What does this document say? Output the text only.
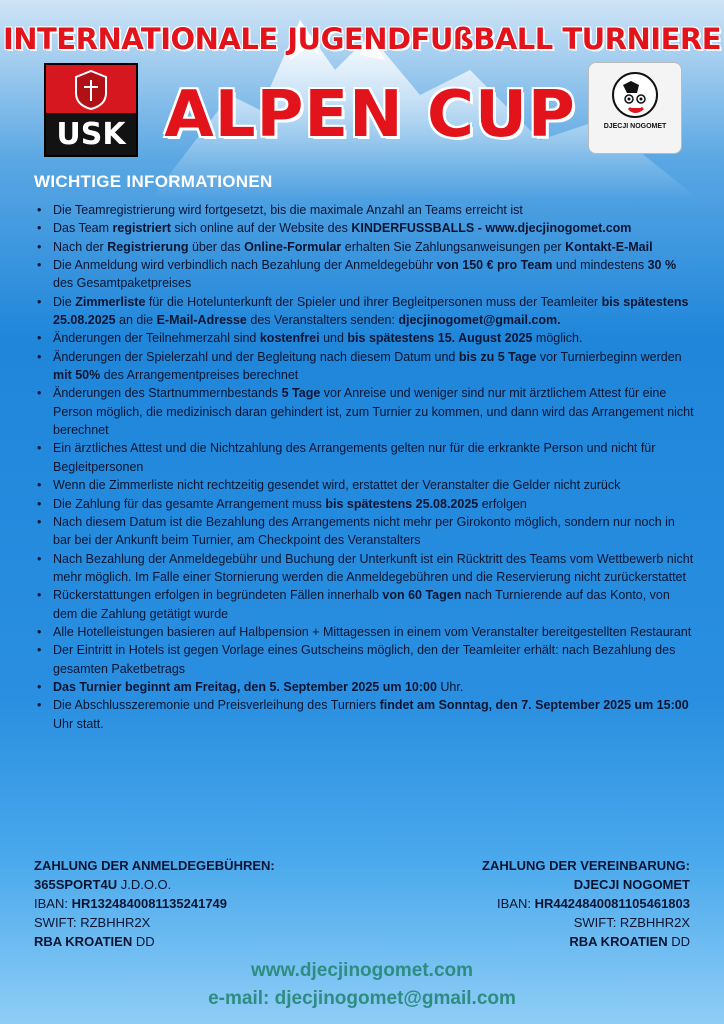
INTERNATIONALE JUGENDFUßBALL TURNIERE
USK ALPEN CUP	DJECJI NOGOMET
WICHTIGE INFORMATIONEN
• Die Teamregistrierung wird fortgesetzt, bis die maximale Anzahl an Teams erreicht ist
• Das Team registriert sich online auf der Website des KINDERFUSSBALLS - www.djecjinogomet.com
• Nach der Registrierung über das Online-Formular erhalten Sie Zahlungsanweisungen per Kontakt-E-Mail
• Die Anmeldung wird verbindlich nach Bezahlung der Anmeldegebühr von 150 € pro Team und mindestens 30 % des Gesamtpaketpreises
• Die Zimmerliste für die Hotelunterkunft der Spieler und ihrer Begleitpersonen muss der Teamleiter bis spätestens 25.08.2025 an die E-Mail-Adresse des Veranstalters senden: djecjinogomet@gmail.com.
• Änderungen der Teilnehmerzahl sind kostenfrei und bis spätestens 15. August 2025 möglich.
• Änderungen der Spielerzahl und der Begleitung nach diesem Datum und bis zu 5 Tage vor Turnierbeginn werden mit 50% des Arrangementpreises berechnet
• Änderungen des Startnummernbestands 5 Tage vor Anreise und weniger sind nur mit ärztlichem Attest für eine Person möglich, die medizinisch daran gehindert ist, zum Turnier zu kommen, und dann wird das Arrangement nicht berechnet
• Ein ärztliches Attest und die Nichtzahlung des Arrangements gelten nur für die erkrankte Person und nicht für Begleitpersonen
• Wenn die Zimmerliste nicht rechtzeitig gesendet wird, erstattet der Veranstalter die Gelder nicht zurück
• Die Zahlung für das gesamte Arrangement muss bis spätestens 25.08.2025 erfolgen
• Nach diesem Datum ist die Bezahlung des Arrangements nicht mehr per Girokonto möglich, sondern nur noch in bar bei der Ankunft beim Turnier, am Checkpoint des Veranstalters
• Nach Bezahlung der Anmeldegebühr und Buchung der Unterkunft ist ein Rücktritt des Teams vom Wettbewerb nicht mehr möglich. Im Falle einer Stornierung werden die Anmeldegebühren und die Reservierung nicht zurückerstattet
• Rückerstattungen erfolgen in begründeten Fällen innerhalb von 60 Tagen nach Turnierende auf das Konto, von dem die Zahlung getätigt wurde
• Alle Hotelleistungen basieren auf Halbpension + Mittagessen in einem vom Veranstalter bereitgestellten Restaurant
• Der Eintritt in Hotels ist gegen Vorlage eines Gutscheins möglich, den der Teamleiter erhält: nach Bezahlung des gesamten Paketbetrags
• Das Turnier beginnt am Freitag, den 5. September 2025 um 10:00 Uhr.
• Die Abschlusszeremonie und Preisverleihung des Turniers findet am Sonntag, den 7. September 2025 um 15:00 Uhr statt.
ZAHLUNG DER ANMELDEGEBÜHREN:
365SPORT4U J.D.O.O.
IBAN: HR1324840081135241749
SWIFT: RZBHHR2X
RBA KROATIEN DD
ZAHLUNG DER VEREINBARUNG:
DJECJI NOGOMET
IBAN: HR4424840081105461803
SWIFT: RZBHHR2X
RBA KROATIEN DD
www.djecjinogomet.com
e-mail: djecjinogomet@gmail.com
